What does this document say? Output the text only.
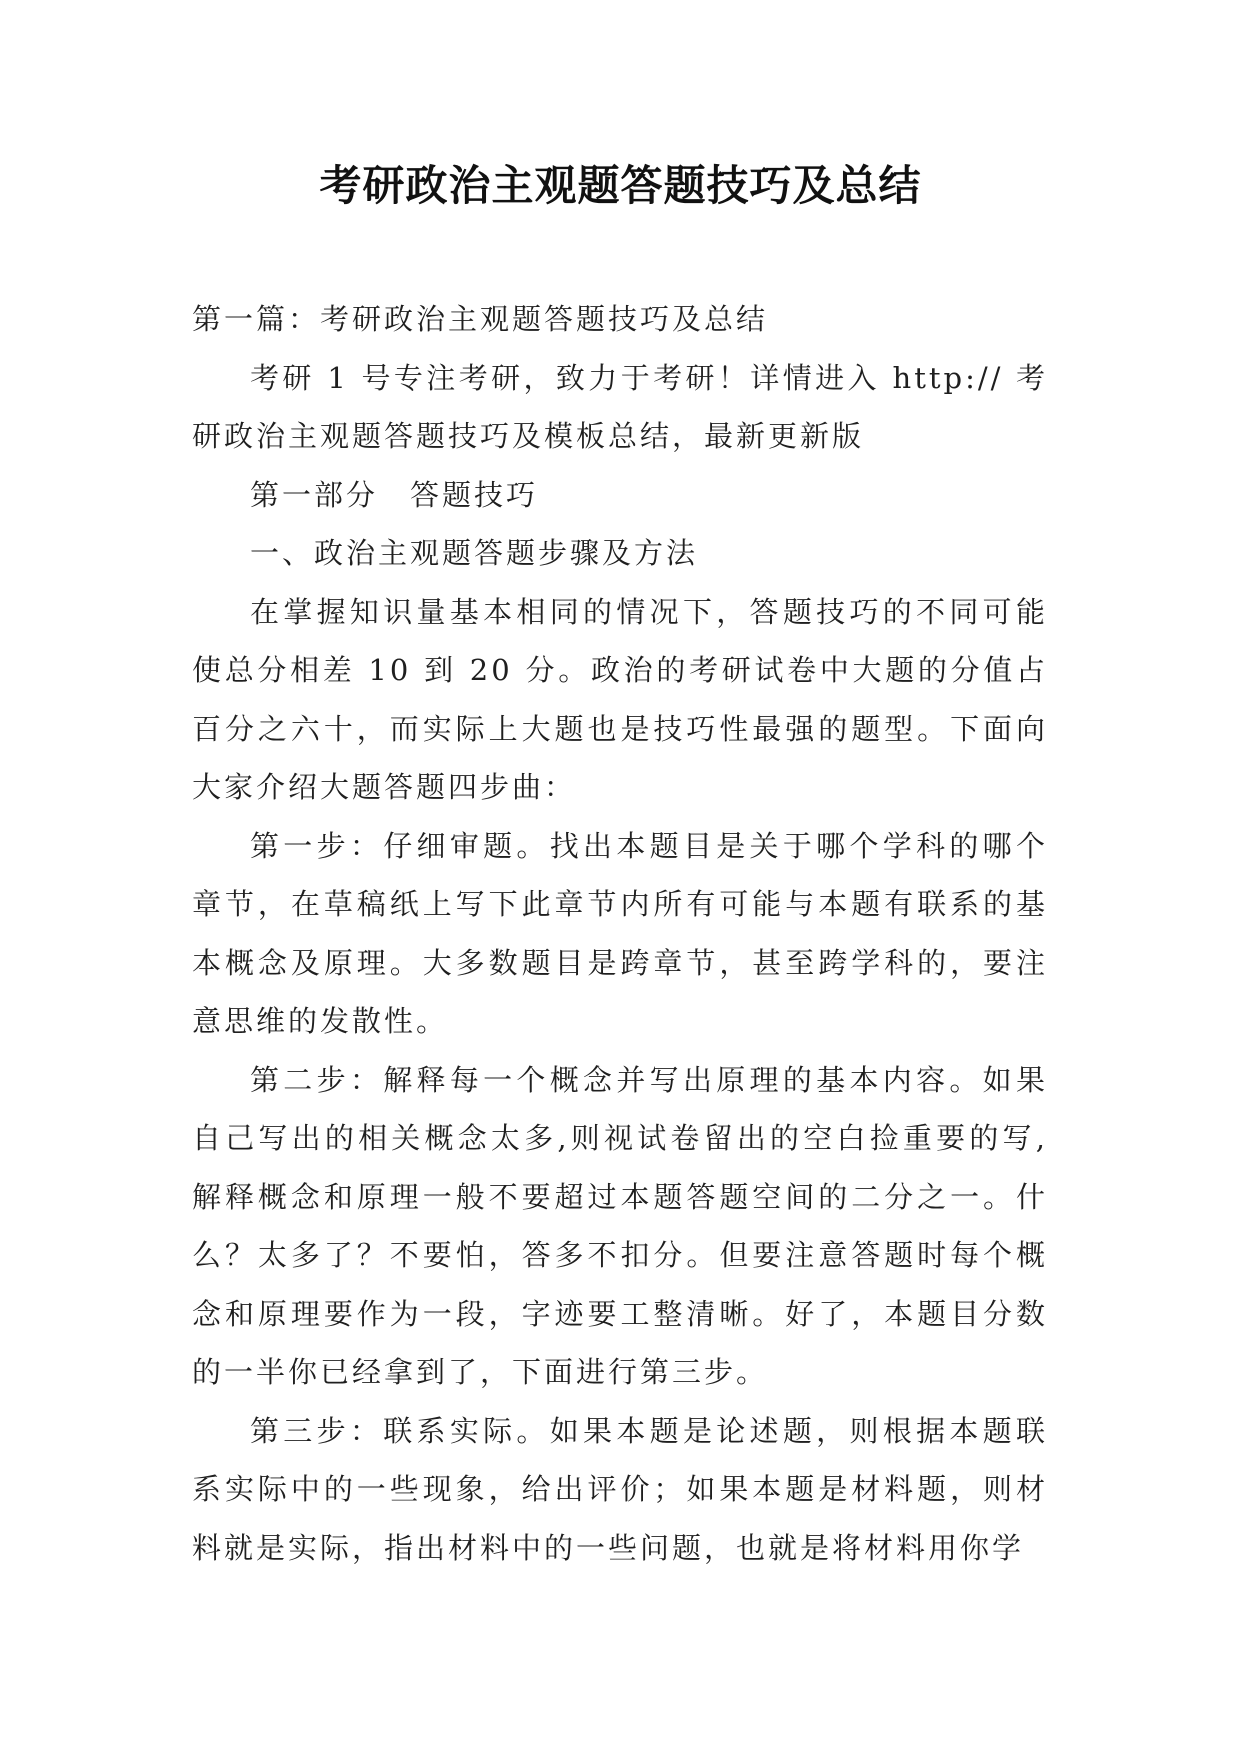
考研政治主观题答题技巧及总结

第一篇：考研政治主观题答题技巧及总结

考研 1 号专注考研，致力于考研！详情进入 http:// 考研政治主观题答题技巧及模板总结，最新更新版

第一部分　答题技巧

一、政治主观题答题步骤及方法

在掌握知识量基本相同的情况下，答题技巧的不同可能使总分相差 10 到 20 分。政治的考研试卷中大题的分值占百分之六十，而实际上大题也是技巧性最强的题型。下面向大家介绍大题答题四步曲：

第一步：仔细审题。找出本题目是关于哪个学科的哪个章节，在草稿纸上写下此章节内所有可能与本题有联系的基本概念及原理。大多数题目是跨章节，甚至跨学科的，要注意思维的发散性。

第二步：解释每一个概念并写出原理的基本内容。如果自己写出的相关概念太多,则视试卷留出的空白捡重要的写,解释概念和原理一般不要超过本题答题空间的二分之一。什么？太多了？不要怕，答多不扣分。但要注意答题时每个概念和原理要作为一段，字迹要工整清晰。好了，本题目分数的一半你已经拿到了，下面进行第三步。

第三步：联系实际。如果本题是论述题，则根据本题联系实际中的一些现象，给出评价；如果本题是材料题，则材料就是实际，指出材料中的一些问题，也就是将材料用你学
